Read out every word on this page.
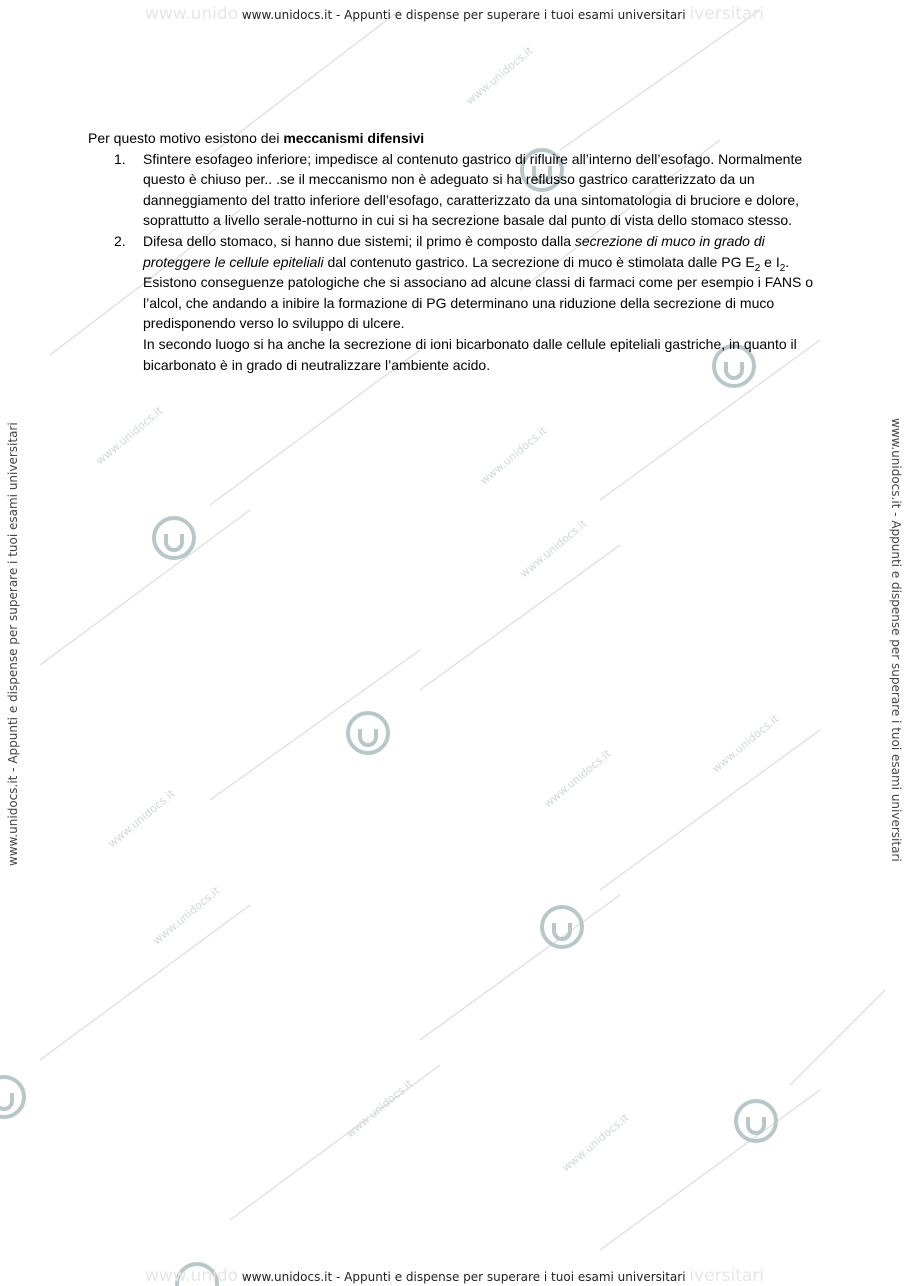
www.unidocs.it
www.unidocs.it	www.unidocs.it
www.unidocs.it
www.unidocs.it
www.unidocs.it
www.unidocs.it
www.unidocs.it
www.unidocs.it
www.unidocs.it
www.unido www.unidocs.it - Appunti e dispense per superare i tuoi esami universitari iversitari
www.unido www.unidocs.it - Appunti e dispense per superare i tuoi esami universitari iversitari
www.unidocs.it - Appunti e dispense per superare i tuoi esami universitari	www.unidocs.it - Appunti e dispense per superare i tuoi esami universitari

Per questo motivo esistono dei meccanismi difensivi

1. Sfintere esofageo inferiore; impedisce al contenuto gastrico di rifluire all’interno dell’esofago. Normalmente questo è chiuso per.. .se il meccanismo non è adeguato si ha reflusso gastrico caratterizzato da un danneggiamento del tratto inferiore dell’esofago, caratterizzato da una sintomatologia di bruciore e dolore, soprattutto a livello serale-notturno in cui si ha secrezione basale dal punto di vista dello stomaco stesso.

2. Difesa dello stomaco, si hanno due sistemi; il primo è composto dalla secrezione di muco in grado di proteggere le cellule epiteliali dal contenuto gastrico. La secrezione di muco è stimolata dalle PG $E_2$ e $I_2$. Esistono conseguenze patologiche che si associano ad alcune classi di farmaci come per esempio i FANS o l’alcol, che andando a inibire la formazione di PG determinano una riduzione della secrezione di muco predisponendo verso lo sviluppo di ulcere.

In secondo luogo si ha anche la secrezione di ioni bicarbonato dalle cellule epiteliali gastriche, in quanto il bicarbonato è in grado di neutralizzare l’ambiente acido.
